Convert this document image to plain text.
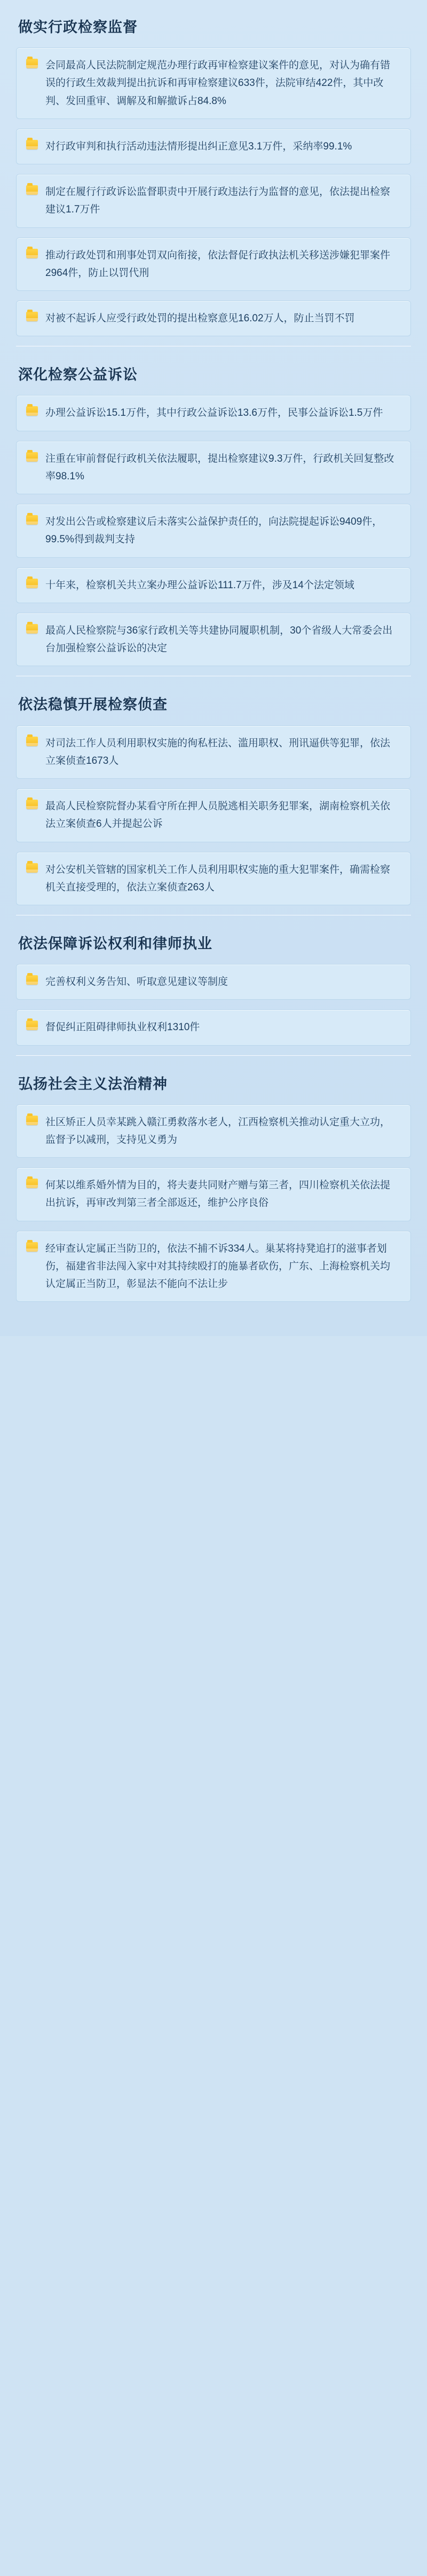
做实行政检察监督
会同最高人民法院制定规范办理行政再审检察建议案件的意见，对认为确有错误的行政生效裁判提出抗诉和再审检察建议633件，法院审结422件，其中改判、发回重审、调解及和解撤诉占84.8%
对行政审判和执行活动违法情形提出纠正意见3.1万件，采纳率99.1%
制定在履行行政诉讼监督职责中开展行政违法行为监督的意见，依法提出检察建议1.7万件
推动行政处罚和刑事处罚双向衔接，依法督促行政执法机关移送涉嫌犯罪案件2964件，防止以罚代刑
对被不起诉人应受行政处罚的提出检察意见16.02万人，防止当罚不罚
深化检察公益诉讼
办理公益诉讼15.1万件，其中行政公益诉讼13.6万件，民事公益诉讼1.5万件
注重在审前督促行政机关依法履职，提出检察建议9.3万件，行政机关回复整改率98.1%
对发出公告或检察建议后未落实公益保护责任的，向法院提起诉讼9409件，99.5%得到裁判支持
十年来，检察机关共立案办理公益诉讼111.7万件，涉及14个法定领域
最高人民检察院与36家行政机关等共建协同履职机制，30个省级人大常委会出台加强检察公益诉讼的决定
依法稳慎开展检察侦查
对司法工作人员利用职权实施的徇私枉法、滥用职权、刑讯逼供等犯罪，依法立案侦查1673人
最高人民检察院督办某看守所在押人员脱逃相关职务犯罪案，湖南检察机关依法立案侦查6人并提起公诉
对公安机关管辖的国家机关工作人员利用职权实施的重大犯罪案件，确需检察机关直接受理的，依法立案侦查263人
依法保障诉讼权利和律师执业
完善权利义务告知、听取意见建议等制度
督促纠正阻碍律师执业权利1310件
弘扬社会主义法治精神
社区矫正人员幸某跳入赣江勇救落水老人，江西检察机关推动认定重大立功，监督予以减刑，支持见义勇为
何某以维系婚外情为目的，将夫妻共同财产赠与第三者，四川检察机关依法提出抗诉，再审改判第三者全部返还，维护公序良俗
经审查认定属正当防卫的，依法不捕不诉334人。巢某将持凳追打的滋事者划伤，福建省非法闯入家中对其持续殴打的施暴者砍伤，广东、上海检察机关均认定属正当防卫，彰显法不能向不法让步
